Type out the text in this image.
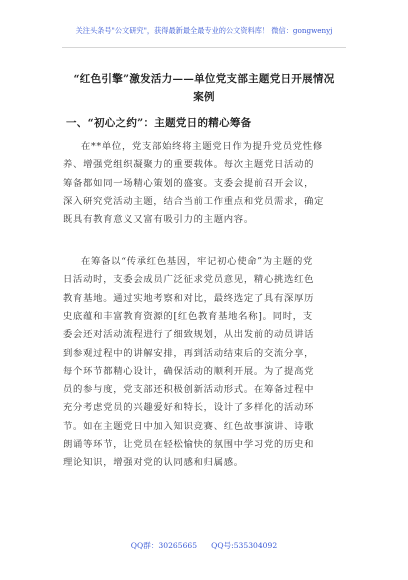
关注头条号"公文研究"，获得最新最全最专业的公文资料库！ 微信：gongwenyj
“红色引擎”激发活力——单位党支部主题党日开展情况
案例
一、“初心之约”：主题党日的精心筹备
在**单位，党支部始终将主题党日作为提升党员党性修
养、增强党组织凝聚力的重要载体。每次主题党日活动的
筹备都如同一场精心策划的盛宴。支委会提前召开会议，
深入研究党活动主题，结合当前工作重点和党员需求，确定
既具有教育意义又富有吸引力的主题内容。
在筹备以“传承红色基因，牢记初心使命”为主题的党
日活动时，支委会成员广泛征求党员意见，精心挑选红色
教育基地。通过实地考察和对比，最终选定了具有深厚历
史底蕴和丰富教育资源的[红色教育基地名称]。同时，支
委会还对活动流程进行了细致规划，从出发前的动员讲话
到参观过程中的讲解安排，再到活动结束后的交流分享，
每个环节都精心设计，确保活动的顺利开展。为了提高党
员的参与度，党支部还积极创新活动形式。在筹备过程中
充分考虑党员的兴趣爱好和特长，设计了多样化的活动环
节。如在主题党日中加入知识竞赛、红色故事演讲、诗歌
朗诵等环节，让党员在轻松愉快的氛围中学习党的历史和
理论知识，增强对党的认同感和归属感。
QQ群：30265665 QQ号:535304092
